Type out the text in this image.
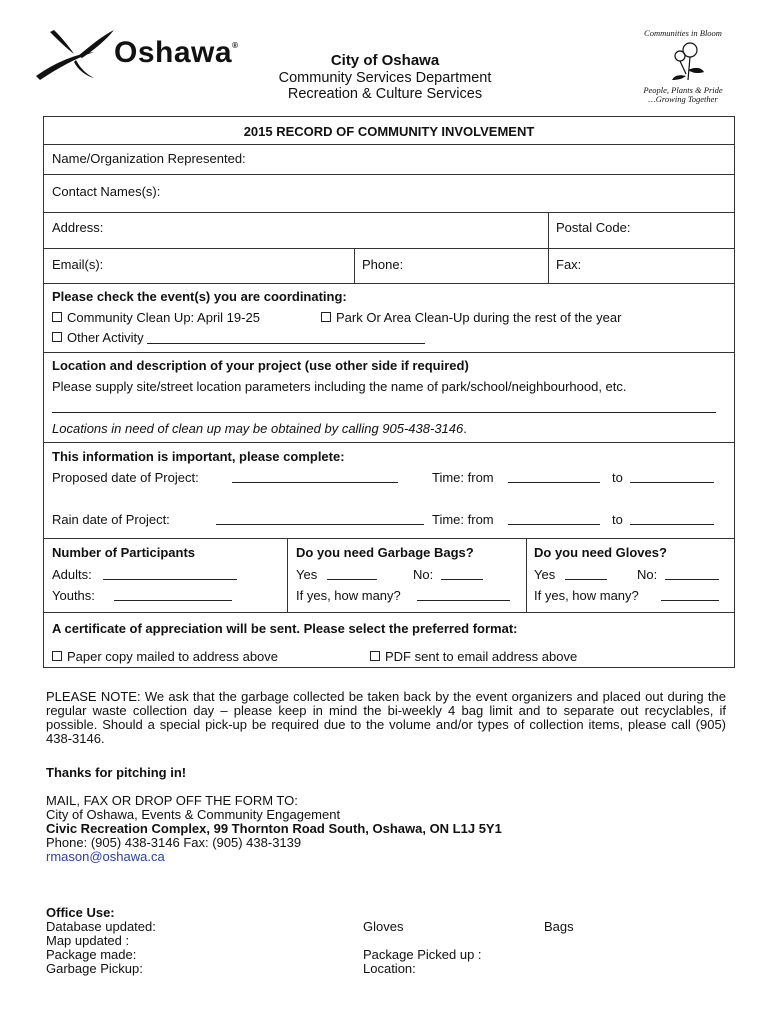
Oshawa®
City of Oshawa
Community Services Department
Recreation & Culture Services
Communities in Bloom
People, Plants & Pride
…Growing Together
2015 RECORD OF COMMUNITY INVOLVEMENT
Name/Organization Represented:
Contact Names(s):
Address:	Postal Code:
Email(s):	Phone:	Fax:
Please check the event(s) you are coordinating:
Community Clean Up: April 19-25	Park Or Area Clean-Up during the rest of the year
Other Activity
Location and description of your project (use other side if required)
Please supply site/street location parameters including the name of park/school/neighbourhood, etc.
Locations in need of clean up may be obtained by calling 905-438-3146.
This information is important, please complete:
Proposed date of Project:	Time: from	to
Rain date of Project:	Time: from	to
Number of Participants
Adults:
Youths:
Do you need Garbage Bags?
Yes	No:
If yes, how many?
Do you need Gloves?
Yes	No:
If yes, how many?
A certificate of appreciation will be sent. Please select the preferred format:
Paper copy mailed to address above	PDF sent to email address above
PLEASE NOTE: We ask that the garbage collected be taken back by the event organizers and placed out during the regular waste collection day – please keep in mind the bi-weekly 4 bag limit and to separate out recyclables, if possible. Should a special pick-up be required due to the volume and/or types of collection items, please call (905) 438-3146.
Thanks for pitching in!
MAIL, FAX OR DROP OFF THE FORM TO:
City of Oshawa, Events & Community Engagement
Civic Recreation Complex, 99 Thornton Road South, Oshawa, ON L1J 5Y1
Phone: (905) 438-3146 Fax: (905) 438-3139
rmason@oshawa.ca
Office Use:
Database updated:	Gloves	Bags
Map updated :
Package made:	Package Picked up :
Garbage Pickup:	Location:
